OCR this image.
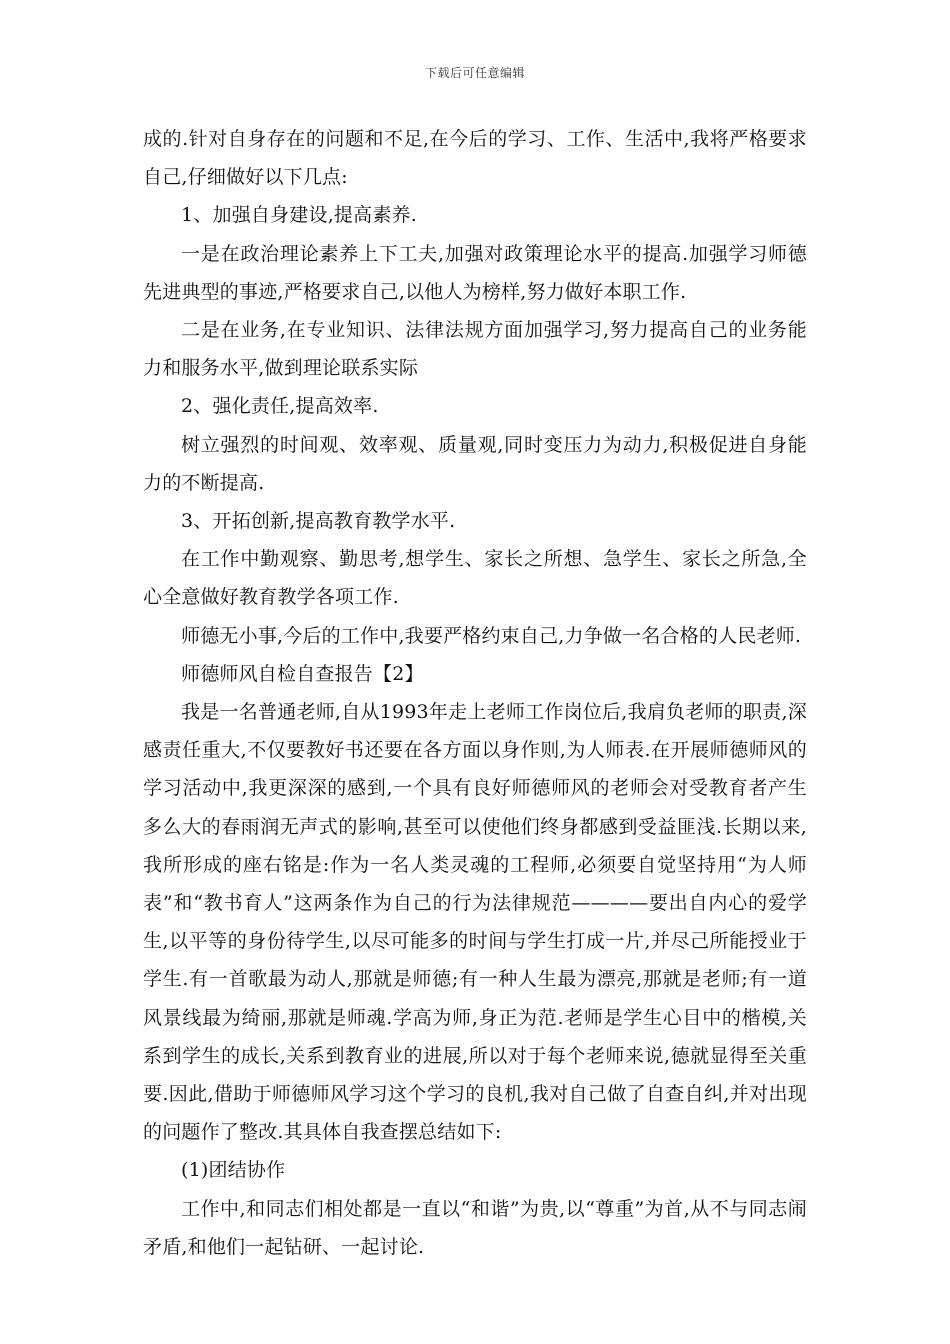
下载后可任意编辑

成的.针对自身存在的问题和不足,在今后的学习、工作、生活中,我将严格要求自己,仔细做好以下几点:

1、加强自身建设,提高素养.

一是在政治理论素养上下工夫,加强对政策理论水平的提高.加强学习师德先进典型的事迹,严格要求自己,以他人为榜样,努力做好本职工作.

二是在业务,在专业知识、法律法规方面加强学习,努力提高自己的业务能力和服务水平,做到理论联系实际

2、强化责任,提高效率.

树立强烈的时间观、效率观、质量观,同时变压力为动力,积极促进自身能力的不断提高.

3、开拓创新,提高教育教学水平.

在工作中勤观察、勤思考,想学生、家长之所想、急学生、家长之所急,全心全意做好教育教学各项工作.

师德无小事,今后的工作中,我要严格约束自己,力争做一名合格的人民老师.

师德师风自检自查报告【2】

我是一名普通老师,自从1993年走上老师工作岗位后,我肩负老师的职责,深感责任重大,不仅要教好书还要在各方面以身作则,为人师表.在开展师德师风的学习活动中,我更深深的感到,一个具有良好师德师风的老师会对受教育者产生多么大的春雨润无声式的影响,甚至可以使他们终身都感到受益匪浅.长期以来,我所形成的座右铭是:作为一名人类灵魂的工程师,必须要自觉坚持用“为人师表”和“教书育人”这两条作为自己的行为法律规范————要出自内心的爱学生,以平等的身份待学生,以尽可能多的时间与学生打成一片,并尽己所能授业于学生.有一首歌最为动人,那就是师德;有一种人生最为漂亮,那就是老师;有一道风景线最为绮丽,那就是师魂.学高为师,身正为范.老师是学生心目中的楷模,关系到学生的成长,关系到教育业的进展,所以对于每个老师来说,德就显得至关重要.因此,借助于师德师风学习这个学习的良机,我对自己做了自查自纠,并对出现的问题作了整改.其具体自我查摆总结如下:

(1)团结协作

工作中,和同志们相处都是一直以“和谐”为贵,以“尊重”为首,从不与同志闹矛盾,和他们一起钻研、一起讨论.
